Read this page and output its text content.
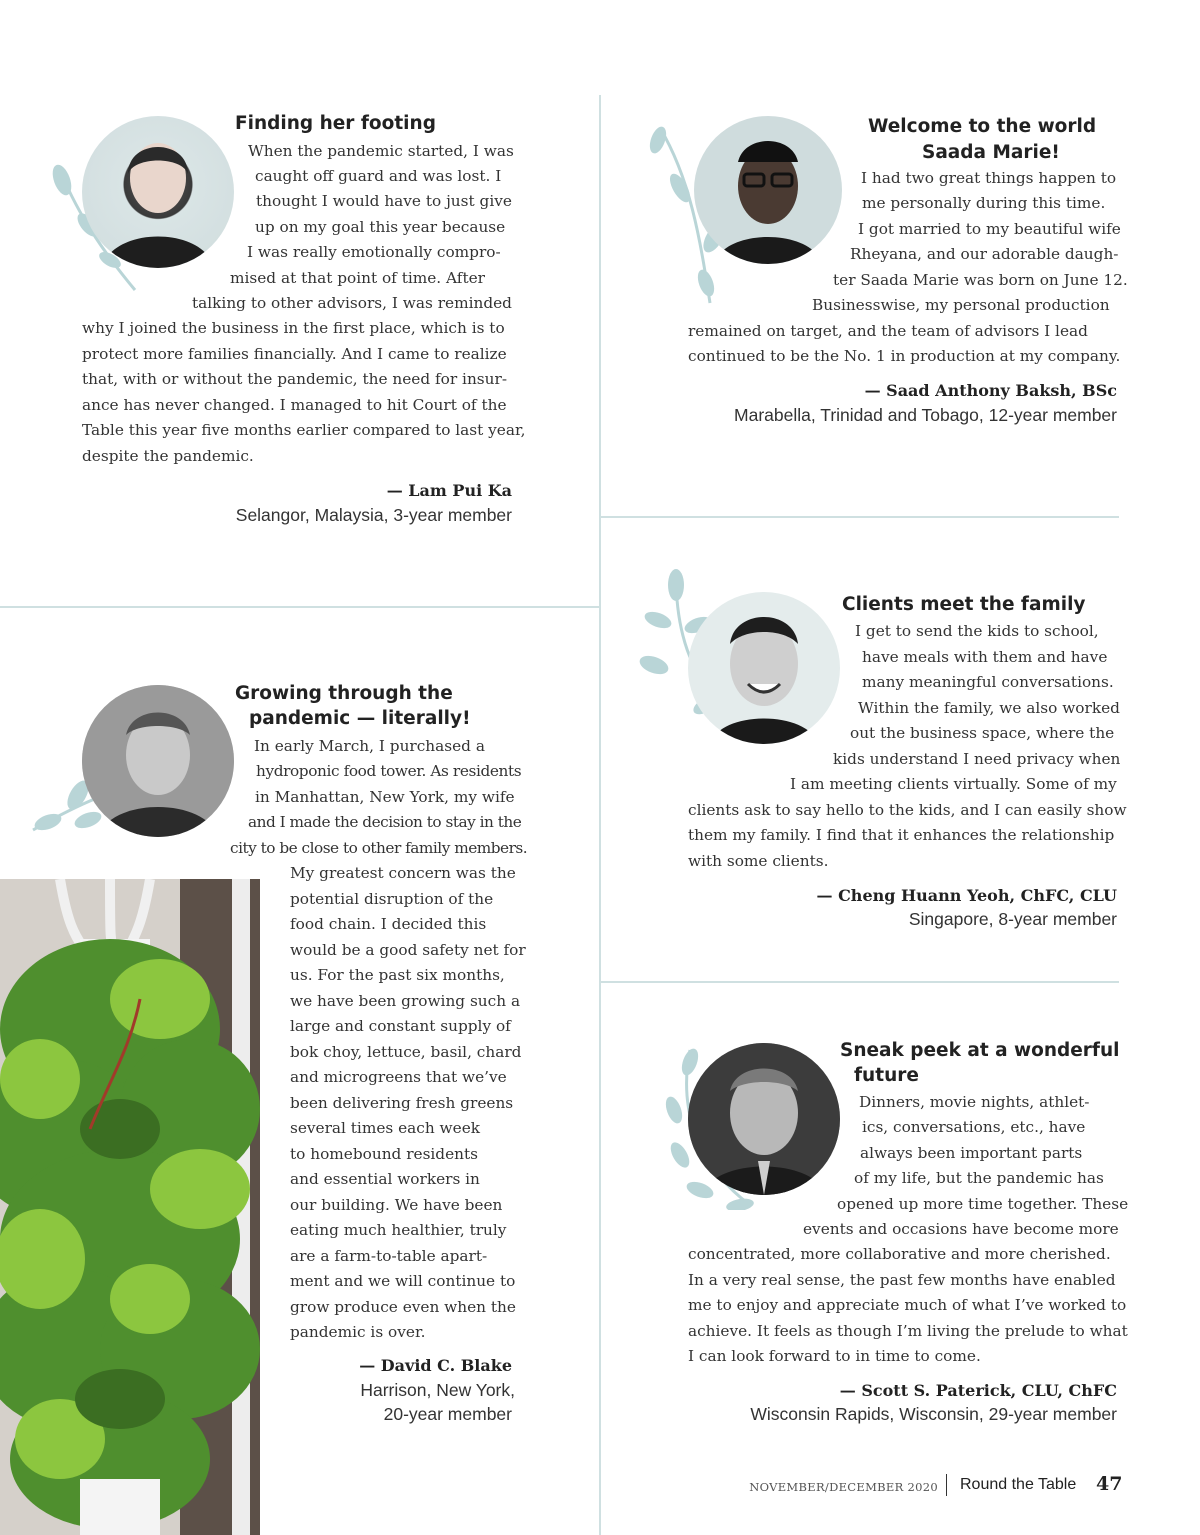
Finding her footing
When the pandemic started, I was
caught off guard and was lost. I
thought I would have to just give
up on my goal this year because
I was really emotionally compro-
mised at that point of time. After
talking to other advisors, I was reminded
why I joined the business in the first place, which is to
protect more families financially. And I came to realize
that, with or without the pandemic, the need for insur-
ance has never changed. I managed to hit Court of the
Table this year five months earlier compared to last year,
despite the pandemic.
— Lam Pui Ka
Selangor, Malaysia, 3-year member
Welcome to the world
Saada Marie!
I had two great things happen to
me personally during this time.
I got married to my beautiful wife
Rheyana, and our adorable daugh-
ter Saada Marie was born on June 12.
Businesswise, my personal production
remained on target, and the team of advisors I lead
continued to be the No. 1 in production at my company.
— Saad Anthony Baksh, BSc
Marabella, Trinidad and Tobago, 12-year member
Growing through the
pandemic — literally!
In early March, I purchased a
hydroponic food tower. As residents
in Manhattan, New York, my wife
and I made the decision to stay in the
city to be close to other family members.
My greatest concern was the
potential disruption of the
food chain. I decided this
would be a good safety net for
us. For the past six months,
we have been growing such a
large and constant supply of
bok choy, lettuce, basil, chard
and microgreens that we’ve
been delivering fresh greens
several times each week
to homebound residents
and essential workers in
our building. We have been
eating much healthier, truly
are a farm-to-table apart-
ment and we will continue to
grow produce even when the
pandemic is over.
— David C. Blake
Harrison, New York,
20-year member
Clients meet the family
I get to send the kids to school,
have meals with them and have
many meaningful conversations.
Within the family, we also worked
out the business space, where the
kids understand I need privacy when
I am meeting clients virtually. Some of my
clients ask to say hello to the kids, and I can easily show
them my family. I find that it enhances the relationship
with some clients.
— Cheng Huann Yeoh, ChFC, CLU
Singapore, 8-year member
Sneak peek at a wonderful
future
Dinners, movie nights, athlet-
ics, conversations, etc., have
always been important parts
of my life, but the pandemic has
opened up more time together. These
events and occasions have become more
concentrated, more collaborative and more cherished.
In a very real sense, the past few months have enabled
me to enjoy and appreciate much of what I’ve worked to
achieve. It feels as though I’m living the prelude to what
I can look forward to in time to come.
— Scott S. Paterick, CLU, ChFC
Wisconsin Rapids, Wisconsin, 29-year member
NOVEMBER/DECEMBER 2020 Round the Table 47
